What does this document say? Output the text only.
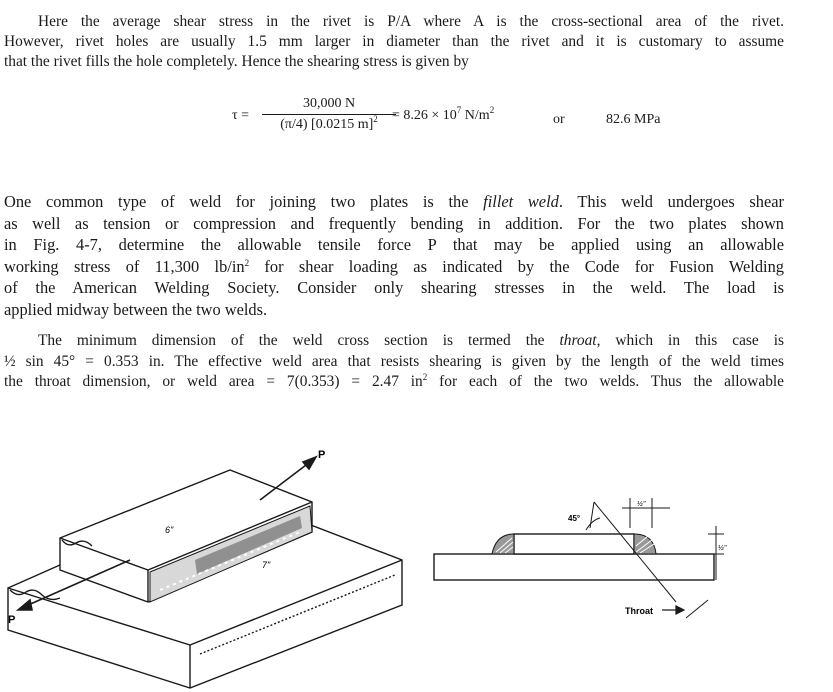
Here the average shear stress in the rivet is P/A where A is the cross-sectional area of the rivet.
However, rivet holes are usually 1.5 mm larger in diameter than the rivet and it is customary to assume
that the rivet fills the hole completely. Hence the shearing stress is given by
$\tau = \frac{30,000 N}{(\pi/4) [0.0215 m]^2}$
= $8.26 \times 10^7$ $N/m^2$
or	82.6 MPa
One common type of weld for joining two plates is the fillet weld. This weld undergoes shear
as well as tension or compression and frequently bending in addition. For the two plates shown
in Fig. 4-7, determine the allowable tensile force P that may be applied using an allowable
working stress of 11,300 $lb/in^2$ for shear loading as indicated by the Code for Fusion Welding
of the American Welding Society. Consider only shearing stresses in the weld. The load is
applied midway between the two welds.
The minimum dimension of the weld cross section is termed the throat, which in this case is
½ sin 45° = 0.353 in. The effective weld area that resists shearing is given by the length of the weld times
the throat dimension, or weld area = 7(0.353) = 2.47 $in^2$ for each of the two welds. Thus the allowable
P
P
6"
7"
45°
½"
½"
Throat
